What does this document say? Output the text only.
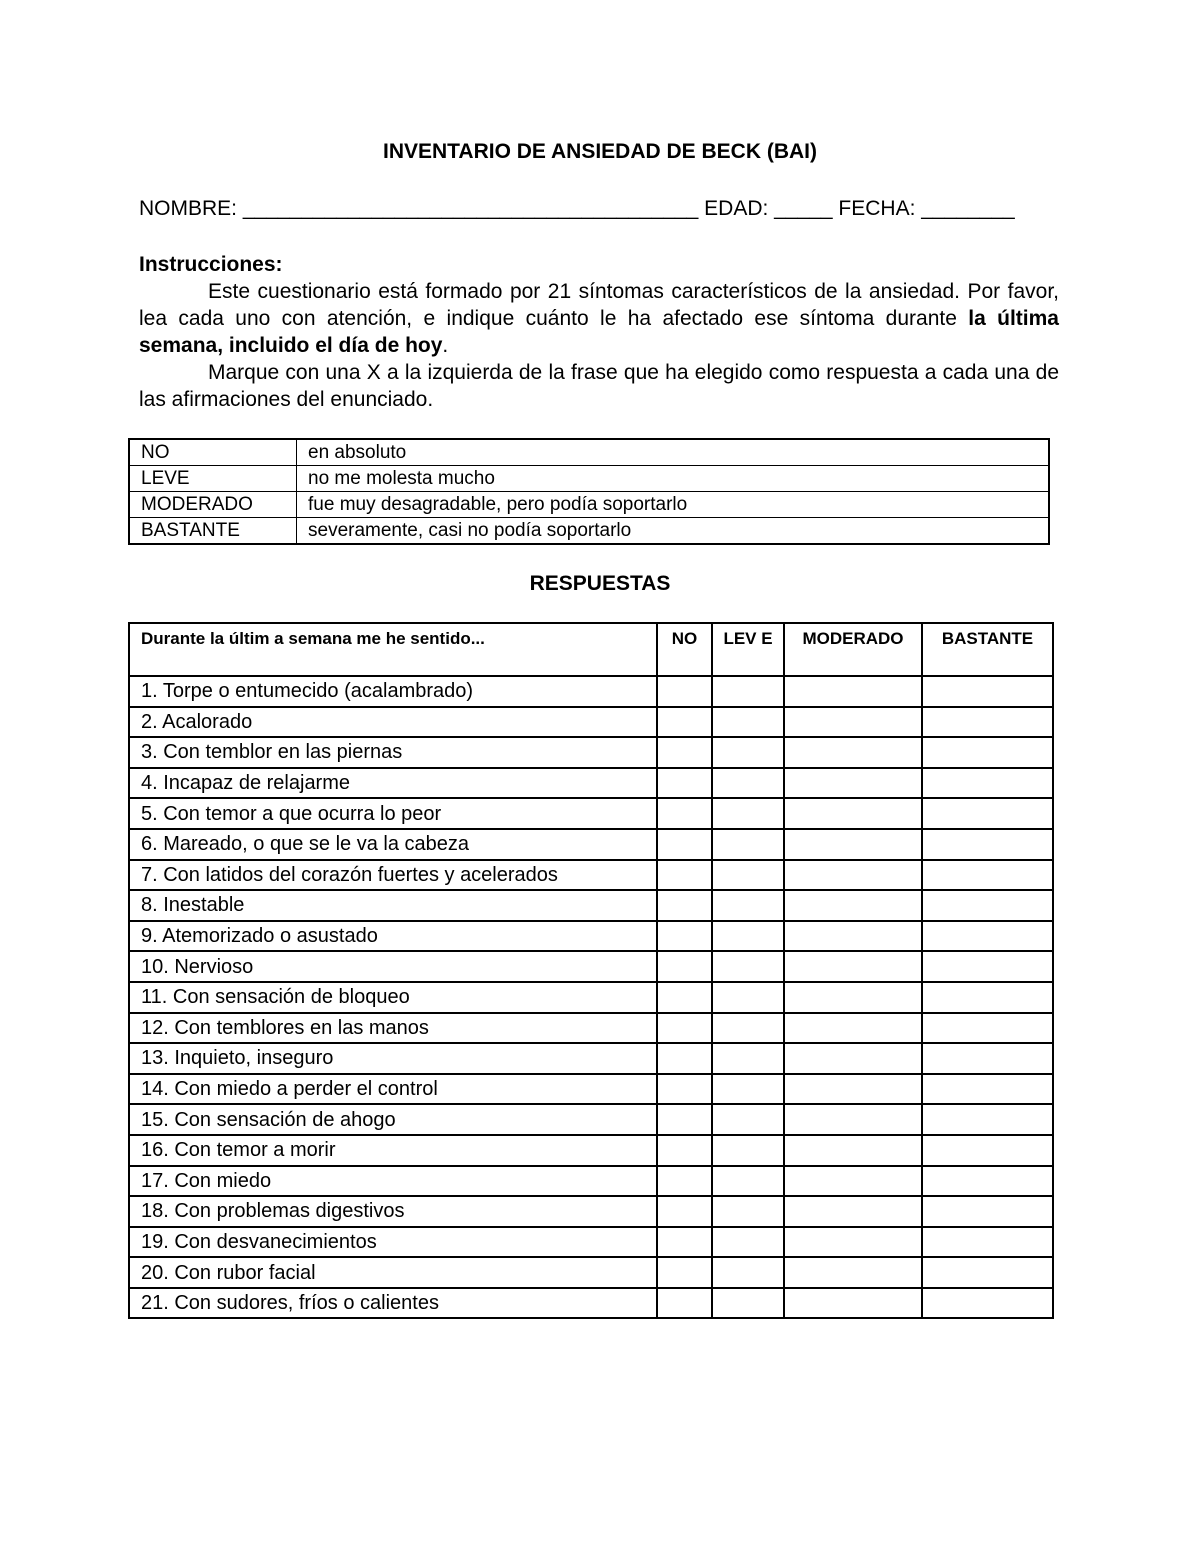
INVENTARIO DE ANSIEDAD DE BECK (BAI)
NOMBRE: _______________________________________ EDAD: _____ FECHA: ________
Instrucciones:

Este cuestionario está formado por 21 síntomas característicos de la ansiedad. Por favor, lea cada uno con atención, e indique cuánto le ha afectado ese síntoma durante la última semana, incluido el día de hoy.

Marque con una X a la izquierda de la frase que ha elegido como respuesta a cada una de las afirmaciones del enunciado.

NO	en absoluto
LEVE	no me molesta mucho
MODERADO	fue muy desagradable, pero podía soportarlo
BASTANTE	severamente, casi no podía soportarlo
RESPUESTAS
Durante la últim a semana me he sentido...	NO	LEV E	MODERADO	BASTANTE
1. Torpe o entumecido (acalambrado)				
2. Acalorado				
3. Con temblor en las piernas				
4. Incapaz de relajarme				
5. Con temor a que ocurra lo peor				
6. Mareado, o que se le va la cabeza				
7. Con latidos del corazón fuertes y acelerados				
8. Inestable				
9. Atemorizado o asustado				
10. Nervioso				
11. Con sensación de bloqueo				
12. Con temblores en las manos				
13. Inquieto, inseguro				
14. Con miedo a perder el control				
15. Con sensación de ahogo				
16. Con temor a morir				
17. Con miedo				
18. Con problemas digestivos				
19. Con desvanecimientos				
20. Con rubor facial				
21. Con sudores, fríos o calientes				
